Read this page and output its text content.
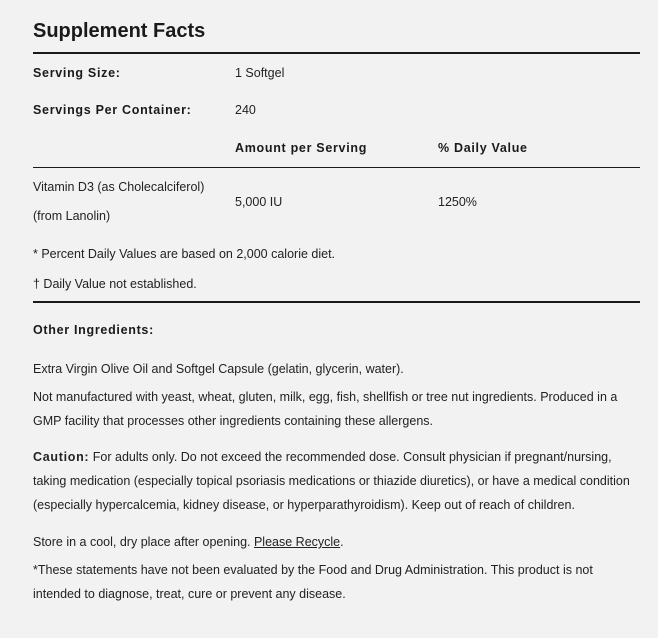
Supplement Facts
Serving Size:	1 Softgel
Servings Per Container:	240
Amount per Serving	% Daily Value
Vitamin D3 (as Cholecalciferol)
(from Lanolin)
5,000 IU	1250%
* Percent Daily Values are based on 2,000 calorie diet.
† Daily Value not established.
Other Ingredients:
Extra Virgin Olive Oil and Softgel Capsule (gelatin, glycerin, water).
Not manufactured with yeast, wheat, gluten, milk, egg, fish, shellfish or tree nut ingredients. Produced in a GMP facility that processes other ingredients containing these allergens.
Caution: For adults only. Do not exceed the recommended dose. Consult physician if pregnant/nursing, taking medication (especially topical psoriasis medications or thiazide diuretics), or have a medical condition (especially hypercalcemia, kidney disease, or hyperparathyroidism). Keep out of reach of children.
Store in a cool, dry place after opening. Please Recycle.
*These statements have not been evaluated by the Food and Drug Administration. This product is not intended to diagnose, treat, cure or prevent any disease.
